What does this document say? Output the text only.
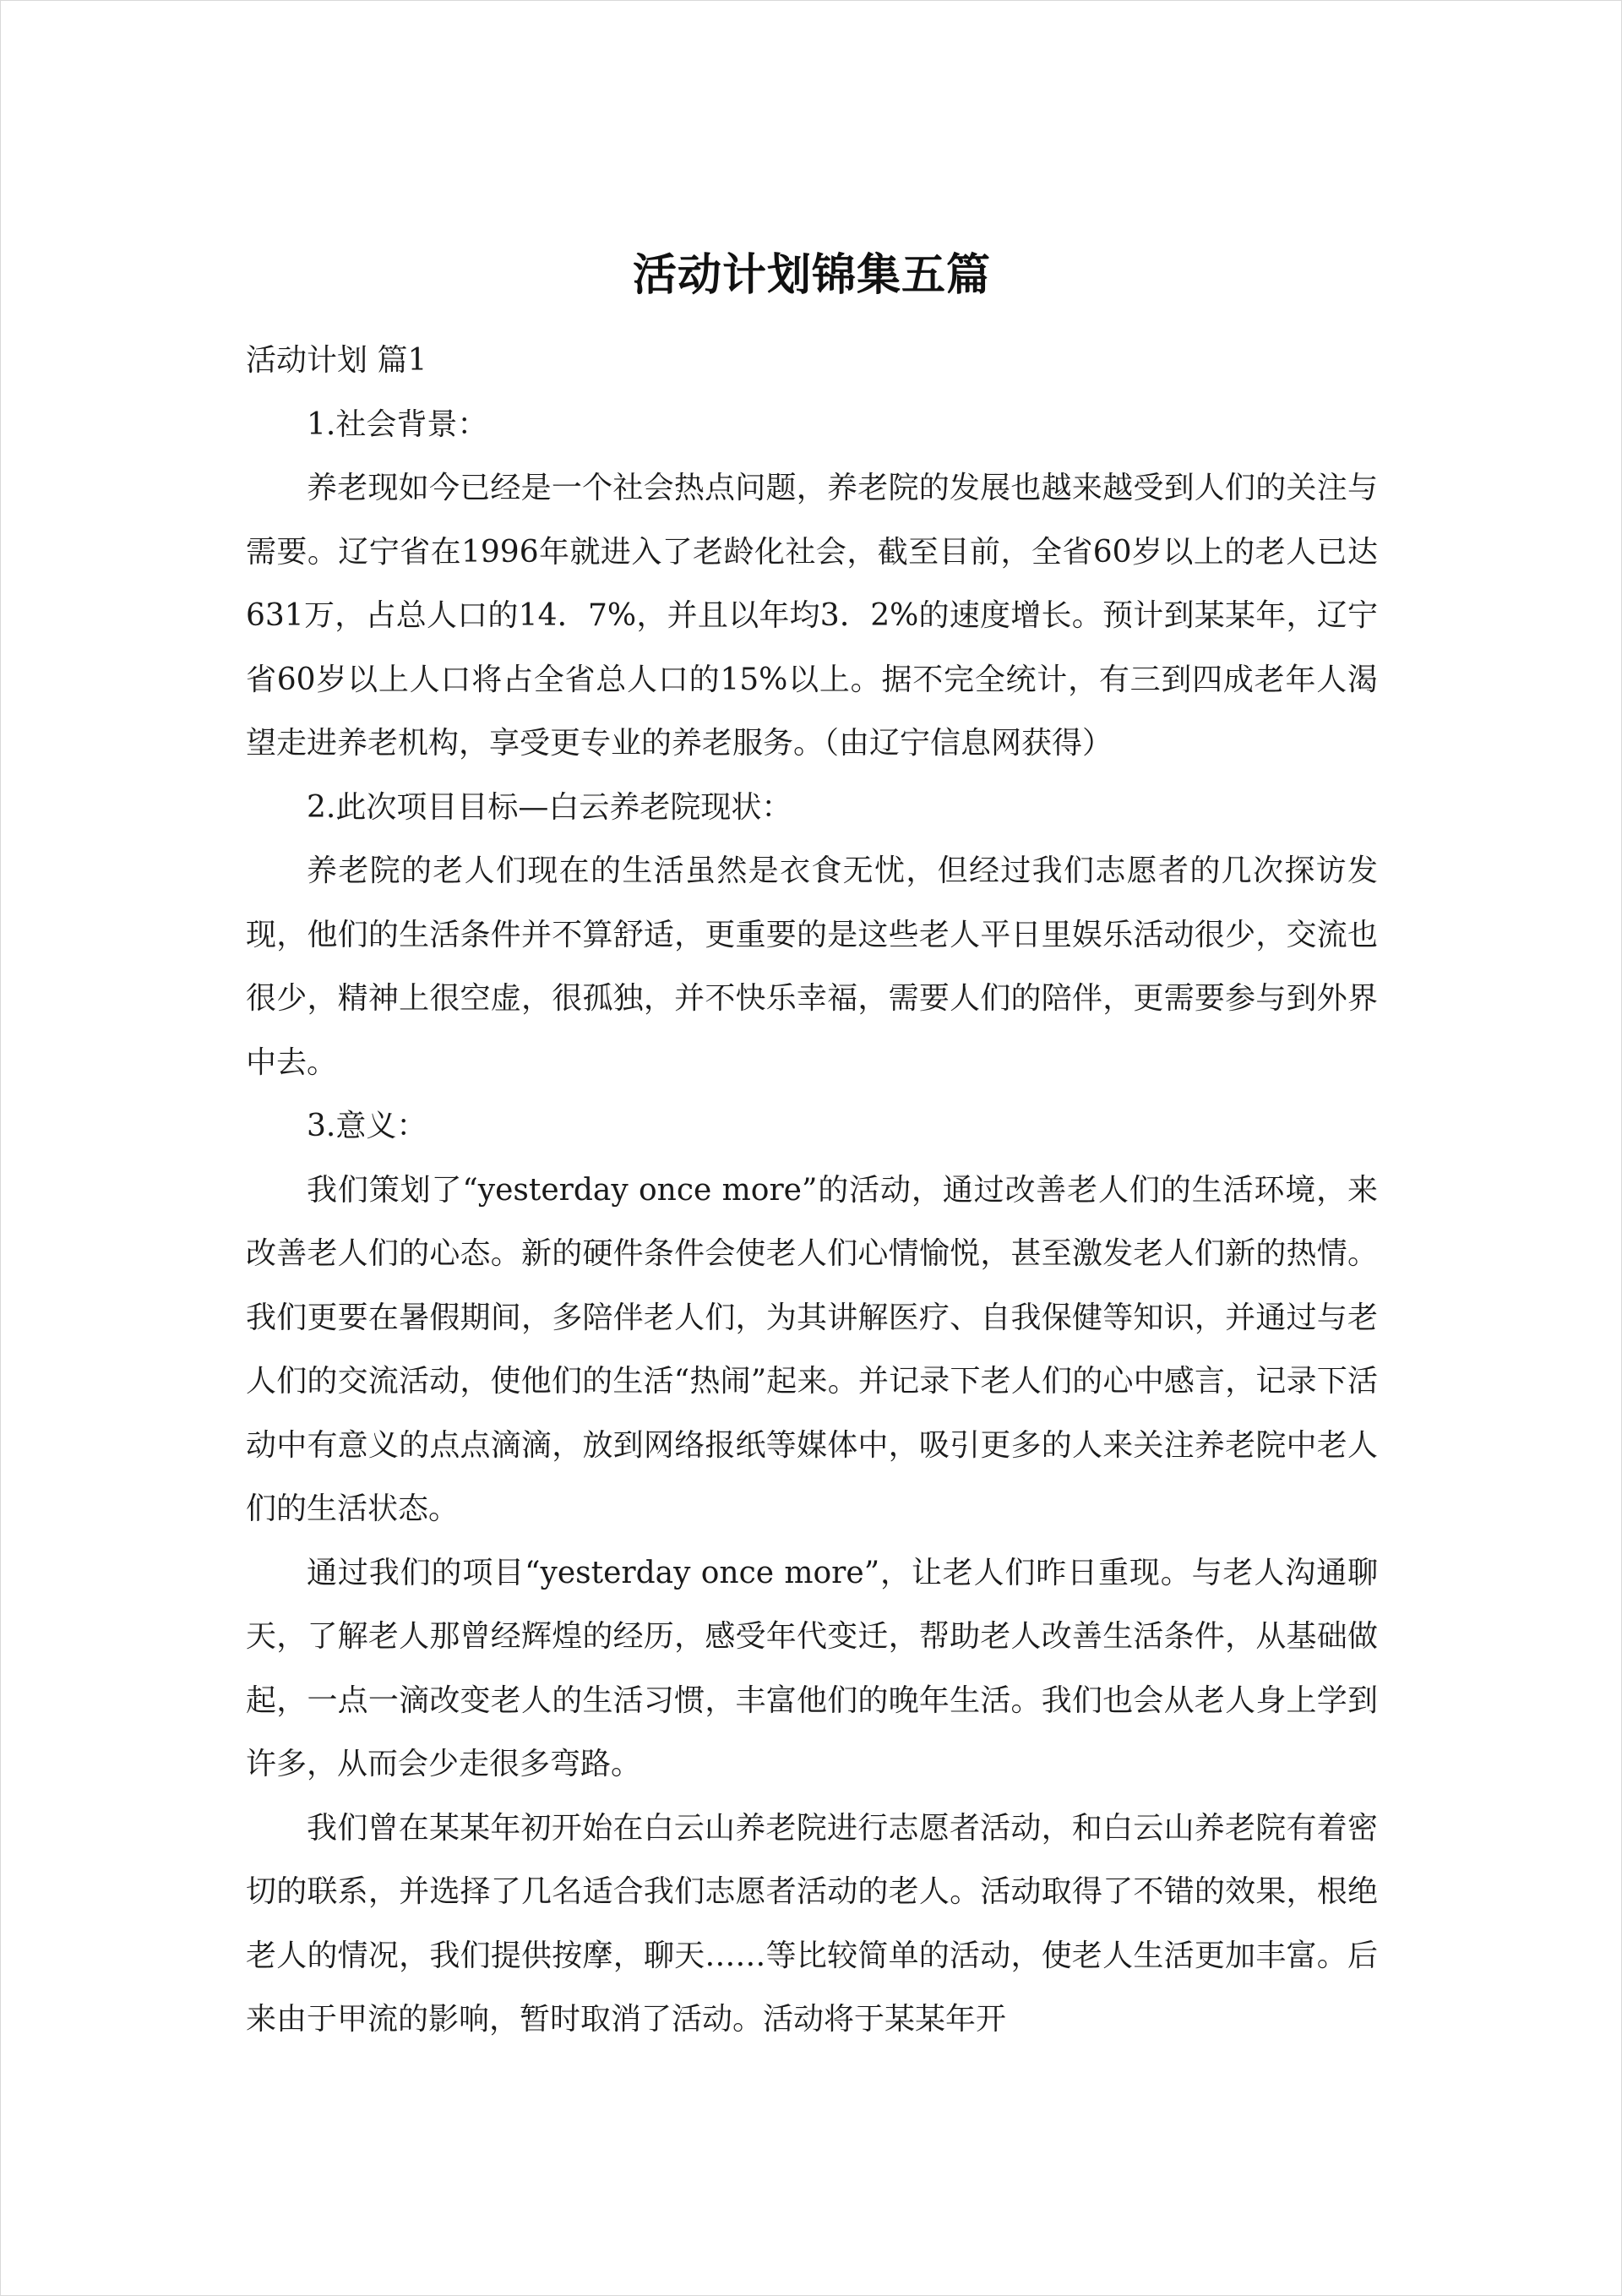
活动计划锦集五篇

活动计划 篇1

1.社会背景：

养老现如今已经是一个社会热点问题，养老院的发展也越来越受到人们的关注与需要。辽宁省在1996年就进入了老龄化社会，截至目前，全省60岁以上的老人已达631万，占总人口的14．7%，并且以年均3．2%的速度增长。预计到某某年，辽宁省60岁以上人口将占全省总人口的15%以上。据不完全统计，有三到四成老年人渴望走进养老机构，享受更专业的养老服务。（由辽宁信息网获得）

2.此次项目目标—白云养老院现状：

养老院的老人们现在的生活虽然是衣食无忧，但经过我们志愿者的几次探访发现，他们的生活条件并不算舒适，更重要的是这些老人平日里娱乐活动很少，交流也很少，精神上很空虚，很孤独，并不快乐幸福，需要人们的陪伴，更需要参与到外界中去。

3.意义：

我们策划了“yesterday once more”的活动，通过改善老人们的生活环境，来改善老人们的心态。新的硬件条件会使老人们心情愉悦，甚至激发老人们新的热情。我们更要在暑假期间，多陪伴老人们，为其讲解医疗、自我保健等知识，并通过与老人们的交流活动，使他们的生活“热闹”起来。并记录下老人们的心中感言，记录下活动中有意义的点点滴滴，放到网络报纸等媒体中，吸引更多的人来关注养老院中老人们的生活状态。

通过我们的项目“yesterday once more”，让老人们昨日重现。与老人沟通聊天，了解老人那曾经辉煌的经历，感受年代变迁，帮助老人改善生活条件，从基础做起，一点一滴改变老人的生活习惯，丰富他们的晚年生活。我们也会从老人身上学到许多，从而会少走很多弯路。

我们曾在某某年初开始在白云山养老院进行志愿者活动，和白云山养老院有着密切的联系，并选择了几名适合我们志愿者活动的老人。活动取得了不错的效果，根绝老人的情况，我们提供按摩，聊天……等比较简单的活动，使老人生活更加丰富。后来由于甲流的影响，暂时取消了活动。活动将于某某年开
